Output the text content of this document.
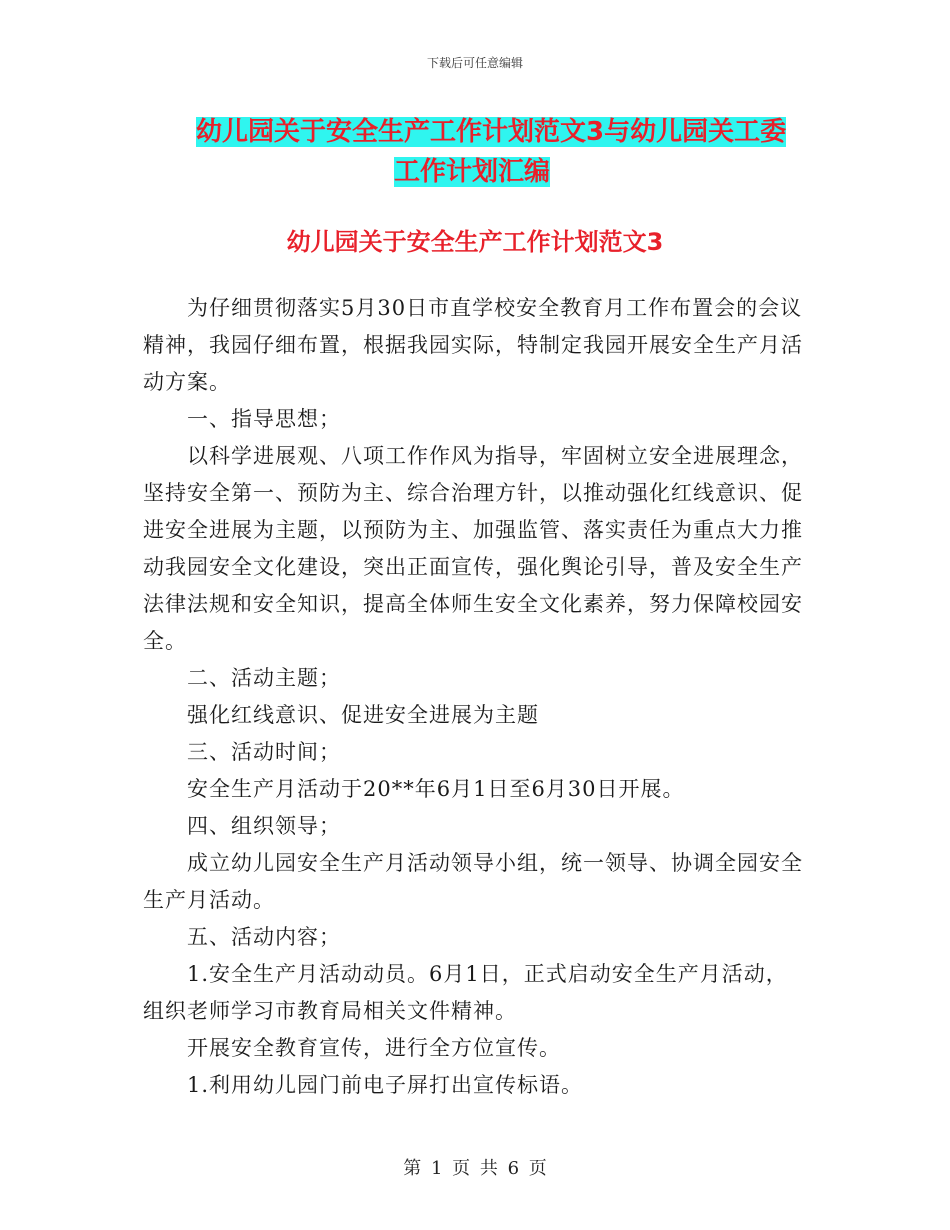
下载后可任意编辑
幼儿园关于安全生产工作计划范文3与幼儿园关工委
工作计划汇编
幼儿园关于安全生产工作计划范文3

为仔细贯彻落实5月30日市直学校安全教育月工作布置会的会议精神，我园仔细布置，根据我园实际，特制定我园开展安全生产月活动方案。

一、指导思想；

以科学进展观、八项工作作风为指导，牢固树立安全进展理念，坚持安全第一、预防为主、综合治理方针，以推动强化红线意识、促进安全进展为主题，以预防为主、加强监管、落实责任为重点大力推动我园安全文化建设，突出正面宣传，强化舆论引导，普及安全生产法律法规和安全知识，提高全体师生安全文化素养，努力保障校园安全。

二、活动主题；

强化红线意识、促进安全进展为主题

三、活动时间；

安全生产月活动于20**年6月1日至6月30日开展。

四、组织领导；

成立幼儿园安全生产月活动领导小组，统一领导、协调全园安全生产月活动。

五、活动内容；

1.安全生产月活动动员。6月1日，正式启动安全生产月活动，组织老师学习市教育局相关文件精神。

开展安全教育宣传，进行全方位宣传。

1.利用幼儿园门前电子屏打出宣传标语。

第 1 页 共 6 页
